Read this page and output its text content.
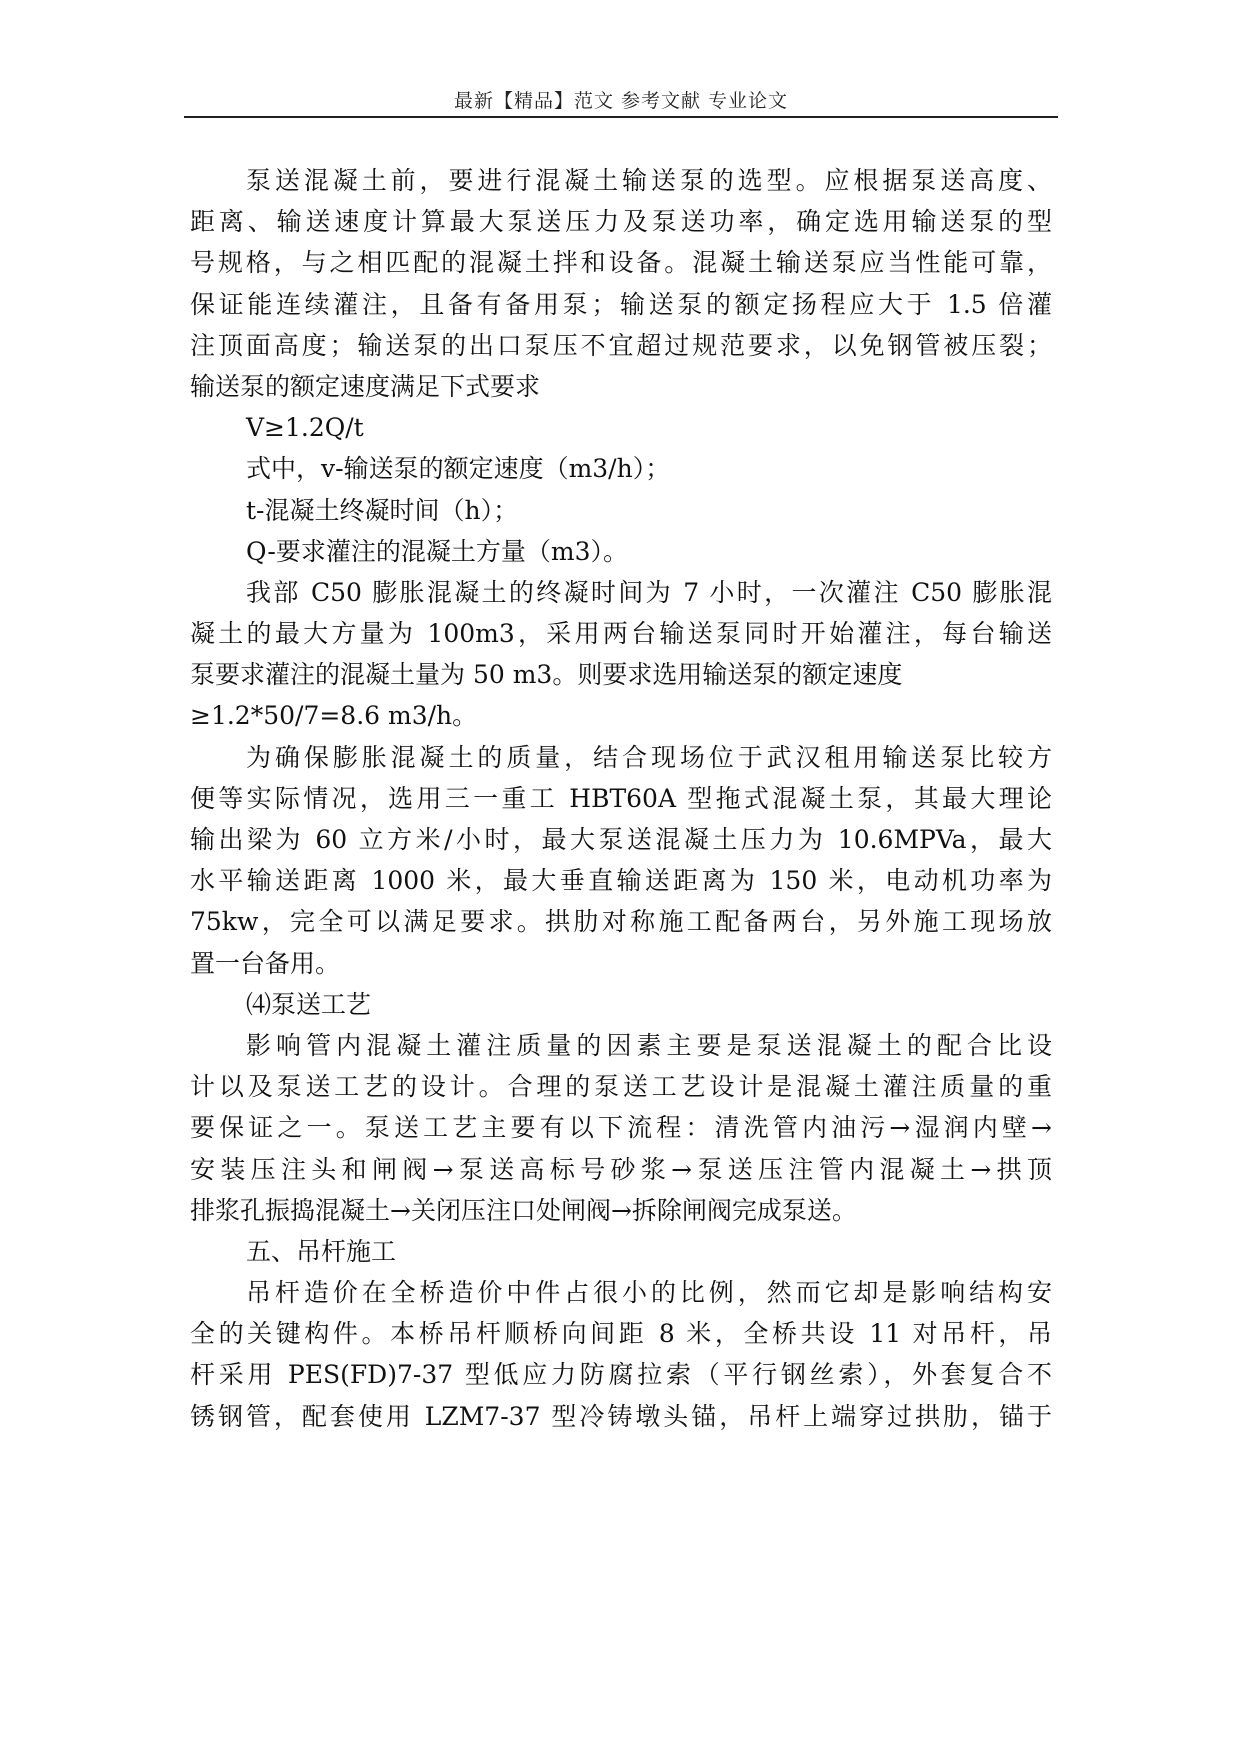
最新【精品】范文 参考文献 专业论文
泵送混凝土前，要进行混凝土输送泵的选型。应根据泵送高度、
距离、输送速度计算最大泵送压力及泵送功率，确定选用输送泵的型
号规格，与之相匹配的混凝土拌和设备。混凝土输送泵应当性能可靠，
保证能连续灌注，且备有备用泵；输送泵的额定扬程应大于 1.5 倍灌
注顶面高度；输送泵的出口泵压不宜超过规范要求，以免钢管被压裂；
输送泵的额定速度满足下式要求
V≥1.2Q/t
式中，v-输送泵的额定速度（m3/h）；
t-混凝土终凝时间（h）；
Q-要求灌注的混凝土方量（m3）。
我部 C50 膨胀混凝土的终凝时间为 7 小时，一次灌注 C50 膨胀混
凝土的最大方量为 100m3，采用两台输送泵同时开始灌注，每台输送
泵要求灌注的混凝土量为 50 m3。则要求选用输送泵的额定速度
≥1.2*50/7=8.6 m3/h。
为确保膨胀混凝土的质量，结合现场位于武汉租用输送泵比较方
便等实际情况，选用三一重工 HBT60A 型拖式混凝土泵，其最大理论
输出梁为 60 立方米/小时，最大泵送混凝土压力为 10.6MPVa，最大
水平输送距离 1000 米，最大垂直输送距离为 150 米，电动机功率为
75kw，完全可以满足要求。拱肋对称施工配备两台，另外施工现场放
置一台备用。
⑷泵送工艺
影响管内混凝土灌注质量的因素主要是泵送混凝土的配合比设
计以及泵送工艺的设计。合理的泵送工艺设计是混凝土灌注质量的重
要保证之一。泵送工艺主要有以下流程：清洗管内油污→湿润内壁→
安装压注头和闸阀→泵送高标号砂浆→泵送压注管内混凝土→拱顶
排浆孔振捣混凝土→关闭压注口处闸阀→拆除闸阀完成泵送。
五、吊杆施工
吊杆造价在全桥造价中件占很小的比例，然而它却是影响结构安
全的关键构件。本桥吊杆顺桥向间距 8 米，全桥共设 11 对吊杆，吊
杆采用 PES(FD)7-37 型低应力防腐拉索（平行钢丝索），外套复合不
锈钢管，配套使用 LZM7-37 型冷铸墩头锚，吊杆上端穿过拱肋，锚于
